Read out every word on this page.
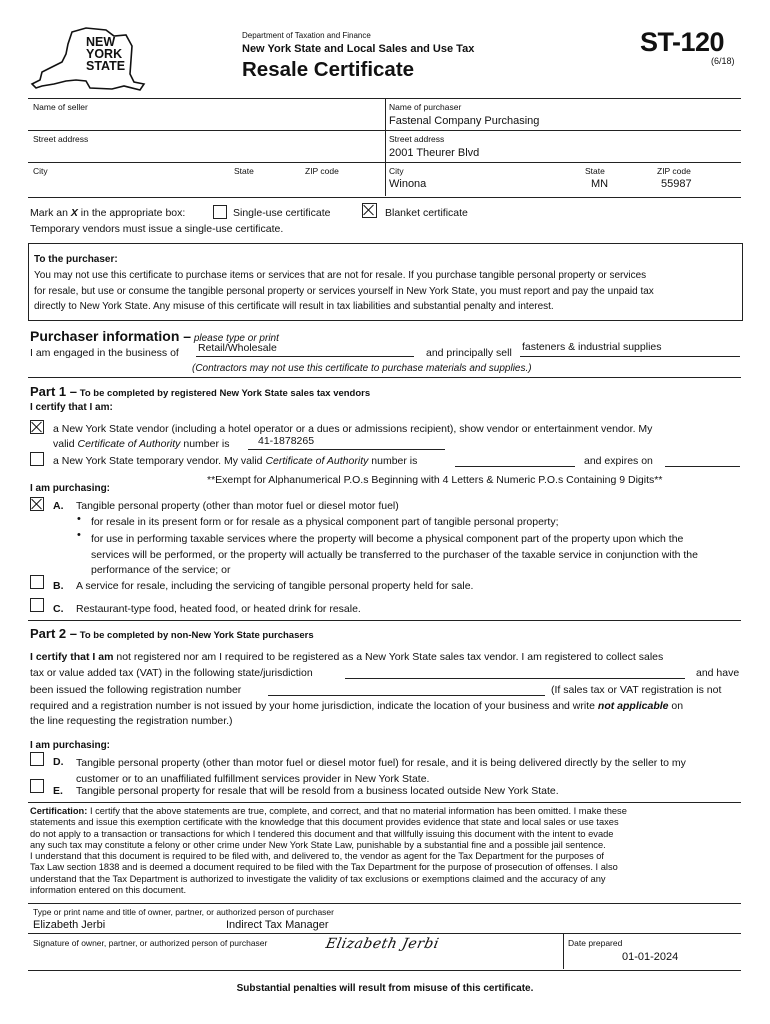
NEW
YORK
STATE
Department of Taxation and Finance
New York State and Local Sales and Use Tax
Resale Certificate
ST-120
(6/18)
Name of seller
Street address
City	State	ZIP code
Name of purchaser
Fastenal Company Purchasing
Street address
2001 Theurer Blvd
City
Winona
State
MN
ZIP code
55987
Mark an X in the appropriate box:	Single-use certificate	Blanket certificate
Temporary vendors must issue a single-use certificate.
To the purchaser:
You may not use this certificate to purchase items or services that are not for resale. If you purchase tangible personal property or services
for resale, but use or consume the tangible personal property or services yourself in New York State, you must report and pay the unpaid tax
directly to New York State. Any misuse of this certificate will result in tax liabilities and substantial penalty and interest.
Purchaser information – please type or print
I am engaged in the business of Retail/Wholesale	and principally sell fasteners & industrial supplies
(Contractors may not use this certificate to purchase materials and supplies.)
Part 1 – To be completed by registered New York State sales tax vendors
I certify that I am:
a New York State vendor (including a hotel operator or a dues or admissions recipient), show vendor or entertainment vendor. My
valid Certificate of Authority number is	41-1878265
a New York State temporary vendor. My valid Certificate of Authority number is	and expires on
**Exempt for Alphanumerical P.O.s Beginning with 4 Letters & Numeric P.O.s Containing 9 Digits**
I am purchasing:
A. Tangible personal property (other than motor fuel or diesel motor fuel)
• for resale in its present form or for resale as a physical component part of tangible personal property;
• for use in performing taxable services where the property will become a physical component part of the property upon which the
services will be performed, or the property will actually be transferred to the purchaser of the taxable service in conjunction with the
performance of the service; or
B. A service for resale, including the servicing of tangible personal property held for sale.
C. Restaurant-type food, heated food, or heated drink for resale.
Part 2 – To be completed by non-New York State purchasers
I certify that I am not registered nor am I required to be registered as a New York State sales tax vendor. I am registered to collect sales
tax or value added tax (VAT) in the following state/jurisdiction	and have
been issued the following registration number	(If sales tax or VAT registration is not
required and a registration number is not issued by your home jurisdiction, indicate the location of your business and write not applicable on
the line requesting the registration number.)
I am purchasing:
D. Tangible personal property (other than motor fuel or diesel motor fuel) for resale, and it is being delivered directly by the seller to my
customer or to an unaffiliated fulfillment services provider in New York State.
E. Tangible personal property for resale that will be resold from a business located outside New York State.
Certification: I certify that the above statements are true, complete, and correct, and that no material information has been omitted. I make these
statements and issue this exemption certificate with the knowledge that this document provides evidence that state and local sales or use taxes
do not apply to a transaction or transactions for which I tendered this document and that willfully issuing this document with the intent to evade
any such tax may constitute a felony or other crime under New York State Law, punishable by a substantial fine and a possible jail sentence.
I understand that this document is required to be filed with, and delivered to, the vendor as agent for the Tax Department for the purposes of
Tax Law section 1838 and is deemed a document required to be filed with the Tax Department for the purpose of prosecution of offenses. I also
understand that the Tax Department is authorized to investigate the validity of tax exclusions or exemptions claimed and the accuracy of any
information entered on this document.
Type or print name and title of owner, partner, or authorized person of purchaser
Elizabeth Jerbi	Indirect Tax Manager
Signature of owner, partner, or authorized person of purchaser	Elizabeth Jerbi	Date prepared
01-01-2024
Substantial penalties will result from misuse of this certificate.
